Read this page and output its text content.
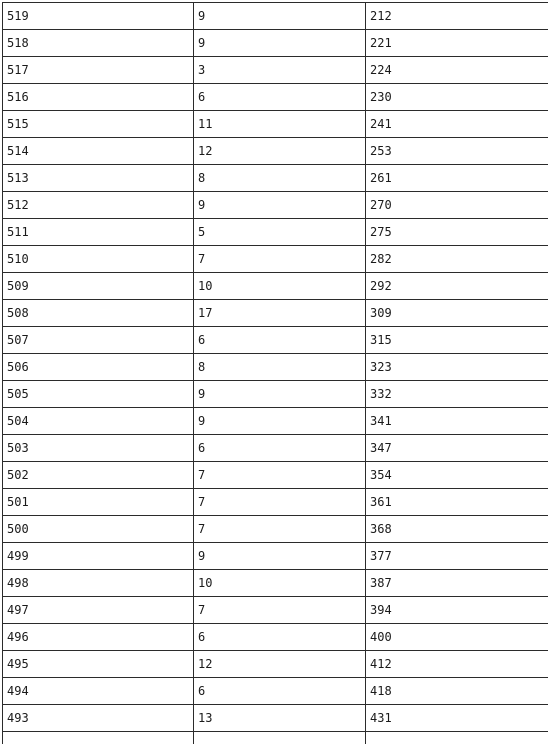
519	9	212
518	9	221
517	3	224
516	6	230
515	11	241
514	12	253
513	8	261
512	9	270
511	5	275
510	7	282
509	10	292
508	17	309
507	6	315
506	8	323
505	9	332
504	9	341
503	6	347
502	7	354
501	7	361
500	7	368
499	9	377
498	10	387
497	7	394
496	6	400
495	12	412
494	6	418
493	13	431
